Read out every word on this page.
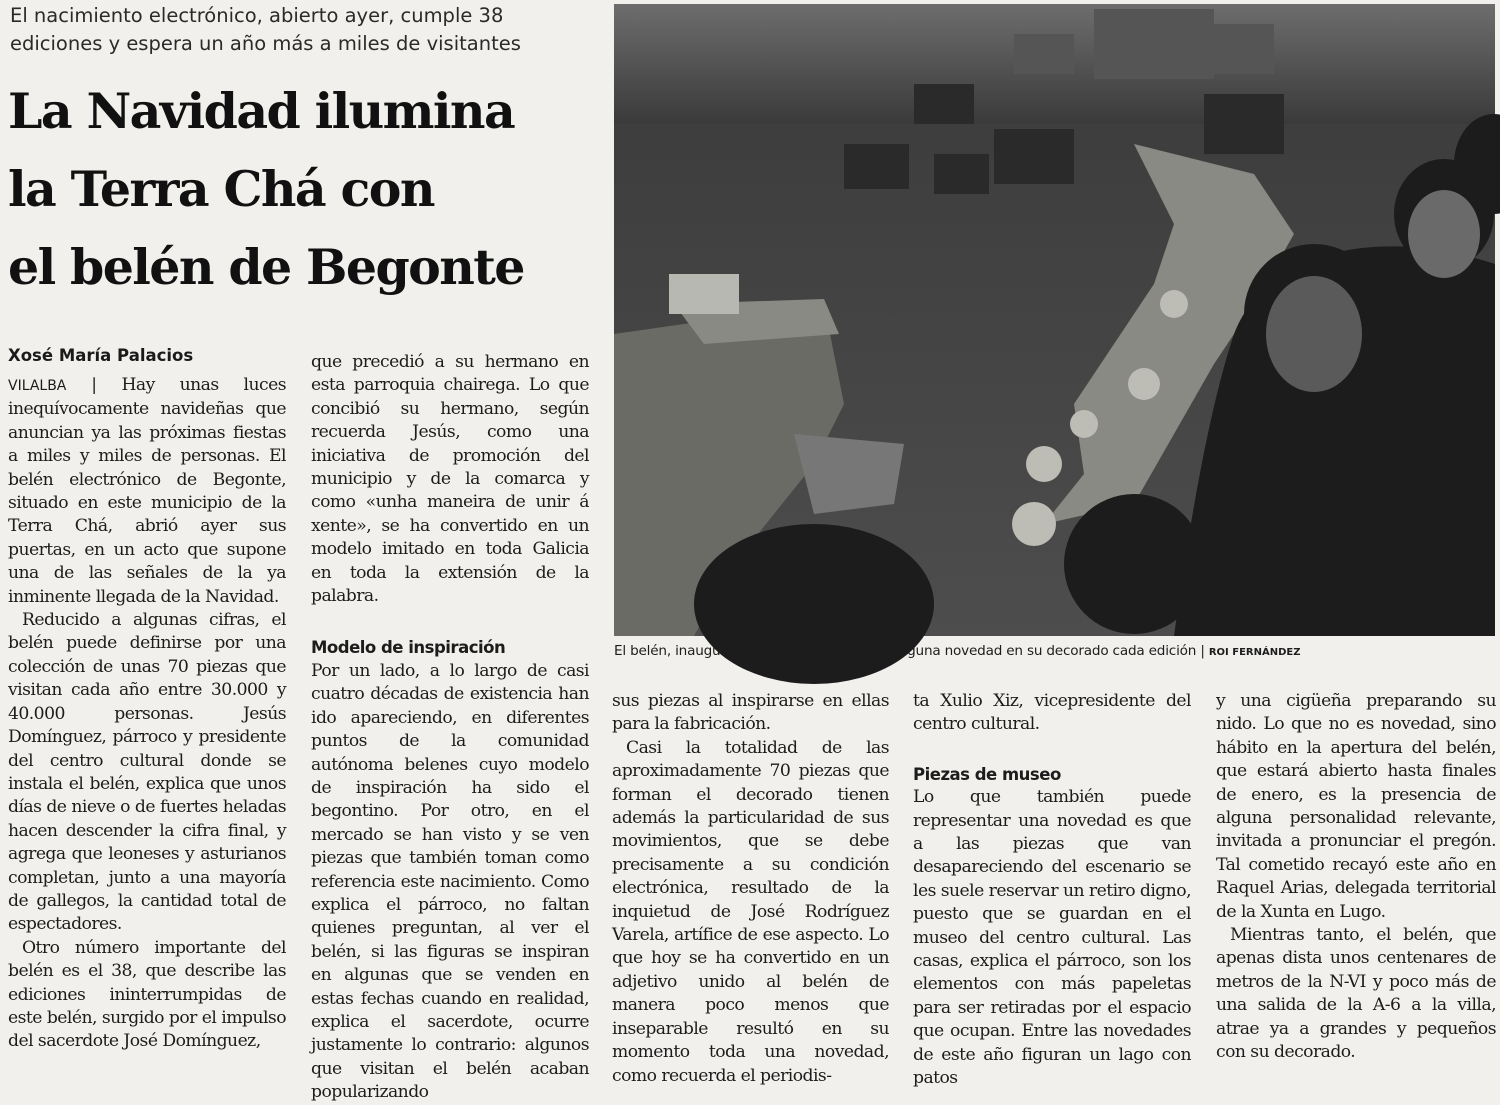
El nacimiento electrónico, abierto ayer, cumple 38
ediciones y espera un año más a miles de visitantes
La Navidad ilumina
la Terra Chá con
el belén de Begonte
Xosé María Palacios

VILALBA | Hay unas luces inequívocamente navideñas que anuncian ya las próximas fiestas a miles y miles de personas. El belén electrónico de Begonte, situado en este municipio de la Terra Chá, abrió ayer sus puertas, en un acto que supone una de las señales de la ya inminente llegada de la Navidad.

Reducido a algunas cifras, el belén puede definirse por una colección de unas 70 piezas que visitan cada año entre 30.000 y 40.000 personas. Jesús Domínguez, párroco y presidente del centro cultural donde se instala el belén, explica que unos días de nieve o de fuertes heladas hacen descender la cifra final, y agrega que leoneses y asturianos completan, junto a una mayoría de gallegos, la cantidad total de espectadores.

Otro número importante del belén es el 38, que describe las ediciones ininterrumpidas de este belén, surgido por el impulso del sacerdote José Domínguez,

que precedió a su hermano en esta parroquia chairega. Lo que concibió su hermano, según recuerda Jesús, como una iniciativa de promoción del municipio y de la comarca y como «unha maneira de unir á xente», se ha convertido en un modelo imitado en toda Galicia en toda la extensión de la palabra.

Modelo de inspiración

Por un lado, a lo largo de casi cuatro décadas de existencia han ido apareciendo, en diferentes puntos de la comunidad autónoma belenes cuyo modelo de inspiración ha sido el begontino. Por otro, en el mercado se han visto y se ven piezas que también toman como referencia este nacimiento. Como explica el párroco, no faltan quienes preguntan, al ver el belén, si las figuras se inspiran en algunas que se venden en estas fechas cuando en realidad, explica el sacerdote, ocurre justamente lo contrario: algunos que visitan el belén acaban popularizando

El belén, inaugurado ayer, siempre ofrece alguna novedad en su decorado cada edición | ROI FERNÁNDEZ

sus piezas al inspirarse en ellas para la fabricación.

Casi la totalidad de las aproximadamente 70 piezas que forman el decorado tienen además la particularidad de sus movimientos, que se debe precisamente a su condición electrónica, resultado de la inquietud de José Rodríguez Varela, artífice de ese aspecto. Lo que hoy se ha convertido en un adjetivo unido al belén de manera poco menos que inseparable resultó en su momento toda una novedad, como recuerda el periodis-

ta Xulio Xiz, vicepresidente del centro cultural.

Piezas de museo

Lo que también puede representar una novedad es que a las piezas que van desapareciendo del escenario se les suele reservar un retiro digno, puesto que se guardan en el museo del centro cultural. Las casas, explica el párroco, son los elementos con más papeletas para ser retiradas por el espacio que ocupan. Entre las novedades de este año figuran un lago con patos

y una cigüeña preparando su nido. Lo que no es novedad, sino hábito en la apertura del belén, que estará abierto hasta finales de enero, es la presencia de alguna personalidad relevante, invitada a pronunciar el pregón. Tal cometido recayó este año en Raquel Arias, delegada territorial de la Xunta en Lugo.

Mientras tanto, el belén, que apenas dista unos centenares de metros de la N-VI y poco más de una salida de la A-6 a la villa, atrae ya a grandes y pequeños con su decorado.
